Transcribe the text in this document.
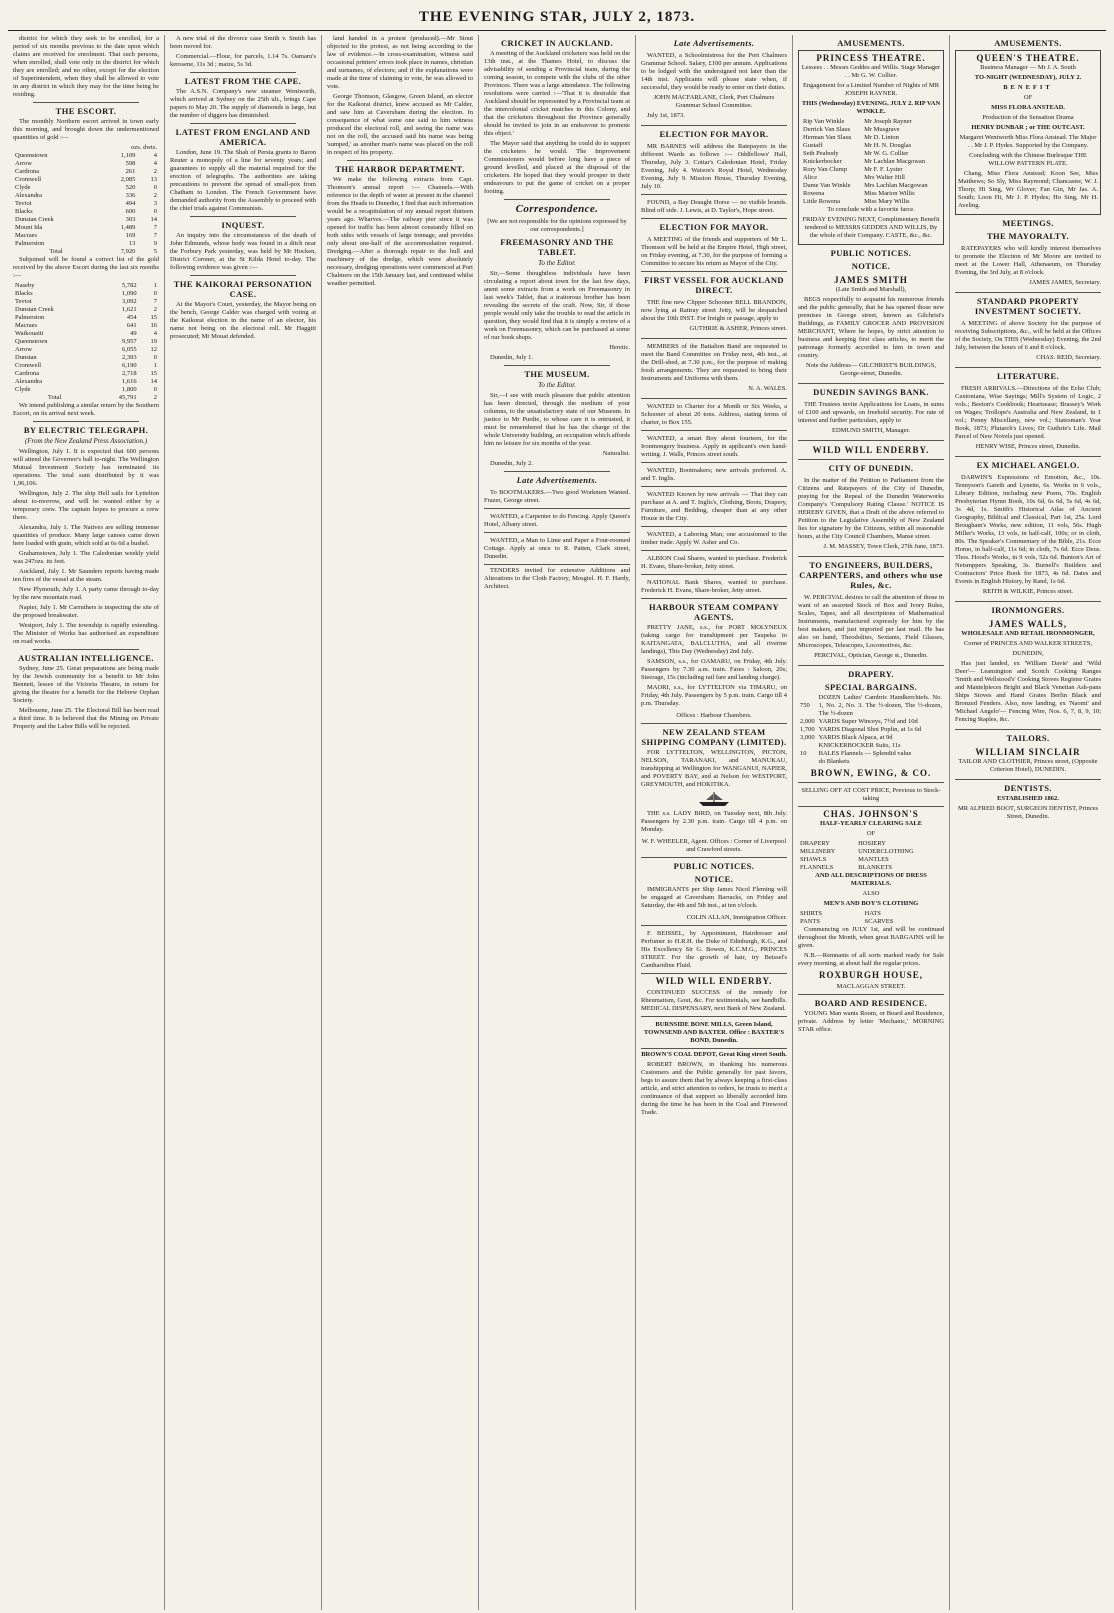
THE EVENING STAR, JULY 2, 1873.

district for which they seek to be enrolled, for a period of six months previous to the date upon which claims are received for enrolment. That such persons, when enrolled, shall vote only in the district for which they are enrolled; and no other, except for the election of Superintendent, when they shall be allowed to vote in any district in which they may for the time being be residing.

THE ESCORT.

The monthly Northern escort arrived in town early this morning, and brought down the undermentioned quantities of gold :—

	ozs. dwts.	
Queenstown	1,109	4
Arrow	598	4
Cardrona	261	2
Cromwell	2,085	13
Clyde	520	0
Alexandra	336	2
Teviot	494	3
Blacks	600	0
Dunstan Creek	303	14
Mount Ida	1,489	7
Macraes	169	7
Palmerston	13	9
Total	7,920	5

Subjoined will be found a correct list of the gold received by the above Escort during the last six months :—

Naseby	5,782	1
Blacks	1,090	0
Teviot	3,092	7
Dunstan Creek	1,621	2
Palmerston	454	15
Macraes	641	16
Waikouaiti	49	4
Queenstown	9,957	19
Arrow	6,055	12
Dunstan	2,393	0
Cromwell	6,190	1
Cardrona	2,718	15
Alexandra	1,616	14
Clyde	1,800	0
Total	45,791	2

We intend publishing a similar return by the Southern Escort, on its arrival next week.

BY ELECTRIC TELEGRAPH.
(From the New Zealand Press Association.)

Wellington, July 1. It is expected that 600 persons will attend the Governor's ball to-night. The Wellington Mutual Investment Society has terminated its operations. The total sum distributed by it was 1,96,106.

Wellington, July 2. The ship Hell sails for Lyttelton about to-morrow, and will be wanted either by a temporary crew. The captain hopes to procure a crew there.

Alexandra, July 1. The Natives are selling immense quantities of produce. Many large canoes came down here loaded with grain, which sold at 6s 6d a bushel.

Grahamstown, July 1. The Caledonian weekly yield was 247ozs. its feet.

Auckland, July 1. Mr Saunders reports having made ten fires of the vessel at the steam.

New Plymouth, July 1. A party came through to-day by the new mountain road.

Napier, July 1. Mr Carruthers is inspecting the site of the proposed breakwater.

Westport, July 1. The township is rapidly extending. The Minister of Works has authorised an expenditure on road works.

AUSTRALIAN INTELLIGENCE.

Sydney, June 25. Great preparations are being made by the Jewish community for a benefit to Mr John Bennett, lessee of the Victoria Theatre, in return for giving the theatre for a benefit for the Hebrew Orphan Society.

Melbourne, June 25. The Electoral Bill has been read a third time. It is believed that the Mining on Private Property and the Labor Bills will be rejected.

A new trial of the divorce case Smith v. Smith has been moved for.

Commercial.—Flour, for parcels, 1.14 7s. Oamaru's kerosene, 11s 3d ; maize, 5s 3d.

LATEST FROM THE CAPE.

The A.S.N. Company's new steamer Wentworth, which arrived at Sydney on the 25th ult., brings Cape papers to May 20. The supply of diamonds is large, but the number of diggers has diminished.

LATEST FROM ENGLAND AND AMERICA.

London, June 19. The Shah of Persia grants to Baron Reuter a monopoly of a line for seventy years; and guarantees to supply all the material required for the erection of telegraphs. The authorities are taking precautions to prevent the spread of small-pox from Chatham to London. The French Government have demanded authority from the Assembly to proceed with the chief trials against Communists.

INQUEST.

An inquiry into the circumstances of the death of John Edmunds, whose body was found in a ditch near the Forbury Park yesterday, was held by Mr Hocken, District Coroner, at the St Kilda Hotel to-day. The following evidence was given :—

THE KAIKORAI PERSONATION CASE.

At the Mayor's Court, yesterday, the Mayor being on the bench, George Calder was charged with voting at the Kaikorai election in the name of an elector, his name not being on the electoral roll. Mr Haggitt prosecuted; Mr Mouat defended.

land handed in a protest (produced).—Mr Stout objected to the protest, as not being according to the law of evidence.—In cross-examination, witness said occasional printers' errors took place in names, christian and surnames, of electors; and if the explanations were made at the time of claiming to vote, he was allowed to vote.

George Thomson, Glasgow, Green Island, an elector for the Kaikorai district, knew accused as Mr Calder, and saw him at Caversham during the election. In consequence of what some one said to him witness produced the electoral roll, and seeing the name was not on the roll, the accused said his name was being 'sumped,' as another man's name was placed on the roll in respect of his property.

THE HARBOR DEPARTMENT.

We make the following extracts from Capt. Thomson's annual report :— Channels.—With reference to the depth of water at present in the channel from the Heads to Dunedin, I find that such information would be a recapitulation of my annual report thirteen years ago. Wharves.—The railway pier since it was opened for traffic has been almost constantly filled on both sides with vessels of large tonnage, and provides only about one-half of the accommodation required. Dredging.—After a thorough repair to the hull and machinery of the dredge, which were absolutely necessary, dredging operations were commenced at Port Chalmers on the 15th January last, and continued whilst weather permitted.

CRICKET IN AUCKLAND.

A meeting of the Auckland cricketers was held on the 13th inst., at the Thames Hotel, to discuss the advisability of sending a Provincial team, during the coming season, to compete with the clubs of the other Provinces. There was a large attendance. The following resolutions were carried :—'That it is desirable that Auckland should be represented by a Provincial team at the intercolonial cricket matches in this Colony, and that the cricketers throughout the Province generally should be invited to join in an endeavour to promote this object.'

The Mayor said that anything he could do to support the cricketers he would. The Improvement Commissioners would before long have a piece of ground levelled, and placed at the disposal of the cricketers. He hoped that they would prosper in their endeavours to put the game of cricket on a proper footing.

Correspondence.

[We are not responsible for the opinions expressed by our correspondents.]

FREEMASONRY AND THE TABLET.
To the Editor.

Sir,—Some thoughtless individuals have been circulating a report about town for the last few days, anent some extracts from a work on Freemasonry in last week's Tablet, that a traitorous brother has been revealing the secrets of the craft. Now, Sir, if those people would only take the trouble to read the article in question, they would find that it is simply a review of a work on Freemasonry, which can be purchased at some of our book shops.

Heretic.

Dunedin, July 1.

THE MUSEUM.
To the Editor.

Sir,—I see with much pleasure that public attention has been directed, through the medium of your columns, to the unsatisfactory state of our Museum. In justice to Mr Purdie, to whose care it is entrusted, it must be remembered that he has the charge of the whole University building, an occupation which affords him no leisure for six months of the year.

Naturalist.

Dunedin, July 2.

Late Advertisements.

To BOOTMAKERS.—Two good Workmen Wanted. Frazer, George street.

WANTED, a Carpenter to do Fencing. Apply Queen's Hotel, Albany street.

WANTED, a Man to Lime and Paper a Four-roomed Cottage. Apply at once to R. Patten, Clark street, Dunedin.

TENDERS invited for extensive Additions and Alterations to the Cloth Factory, Mosgiel. H. F. Hardy, Architect.

Late Advertisements.

WANTED, a Schoolmistress for the Port Chalmers Grammar School. Salary, £100 per annum. Applications to be lodged with the undersigned not later than the 14th inst. Applicants will please state when, if successful, they would be ready to enter on their duties.

JOHN MACFARLANE, Clerk, Port Chalmers Grammar School Committee.

July 1st, 1873.

ELECTION FOR MAYOR.

MR BARNES will address the Ratepayers in the different Wards as follows :— Oddfellows' Hall, Thursday, July 3. Cottar's Caledonian Hotel, Friday Evening, July 4. Watson's Royal Hotel, Wednesday Evening, July 9. Mission House, Thursday Evening, July 10.

FOUND, a Bay Draught Horse — no visible brands. Blind off side. J. Lewis, at D. Taylor's, Hope street.

ELECTION FOR MAYOR.

A MEETING of the friends and supporters of Mr L. Thomson will be held at the Empire Hotel, High street, on Friday evening, at 7.30, for the purpose of forming a Committee to secure his return as Mayor of the City.

FIRST VESSEL FOR AUCKLAND DIRECT.

THE fine new Clipper Schooner BELL BRANDON, now lying at Rattray street Jetty, will be despatched about the 10th INST. For freight or passage, apply to

GUTHRIE & ASHER, Princes street.

MEMBERS of the Battalion Band are requested to meet the Band Committee on Friday next, 4th inst., at the Drill-shed, at 7.30 p.m., for the purpose of making fresh arrangements. They are requested to bring their Instruments and Uniforms with them.

N. A. WALES.

WANTED to Charter for a Month or Six Weeks, a Schooner of about 20 tons. Address, stating terms of charter, to Box 155.

WANTED, a smart Boy about fourteen, for the Ironmongery business. Apply in applicant's own hand-writing. J. Walls, Princes street south.

WANTED, Bootmakers; new arrivals preferred. A. and T. Inglis.

WANTED Known by new arrivals — That they can purchase at A. and T. Inglis's, Clothing, Boots, Drapery, Furniture, and Bedding, cheaper than at any other House in the City.

WANTED, a Laboring Man; one accustomed to the timber trade. Apply W. Asher and Co.

ALBION Coal Shares, wanted to purchase. Frederick H. Evans, Share-broker, Jetty street.

NATIONAL Bank Shares, wanted to purchase. Frederick H. Evans, Share-broker, Jetty street.

HARBOUR STEAM COMPANY AGENTS.

PRETTY JANE, s.s., for PORT MOLYNEUX (taking cargo for transhipment per Taupeka to KAITANGATA, BALCLUTHA, and all riverine landings), This Day (Wednesday) 2nd July.

SAMSON, s.s., for OAMARU, on Friday, 4th July. Passengers by 7.30 a.m. train. Fares : Saloon, 20s; Steerage, 15s (including rail fare and landing charge).

MAORI, s.s., for LYTTELTON via TIMARU, on Friday, 4th July. Passengers by 5 p.m. train. Cargo till 4 p.m. Thursday.

Offices : Harbour Chambers.

NEW ZEALAND STEAM SHIPPING COMPANY (LIMITED).

FOR LYTTELTON, WELLINGTON, PICTON, NELSON, TARANAKI, and MANUKAU, transhipping at Wellington for WANGANUI, NAPIER, and POVERTY BAY, and at Nelson for WESTPORT, GREYMOUTH, and HOKITIKA.

THE s.s. LADY BIRD, on Tuesday next, 8th July. Passengers by 2.30 p.m. train. Cargo till 4 p.m. on Monday.

W. F. WHEELER, Agent. Offices : Corner of Liverpool and Crawford streets.

PUBLIC NOTICES.
NOTICE.

IMMIGRANTS per Ship James Nicol Fleming will be engaged at Caversham Barracks, on Friday and Saturday, the 4th and 5th inst., at ten o'clock.

COLIN ALLAN, Immigration Officer.

F. BEISSEL, by Appointment, Hairdresser and Perfumer to H.R.H. the Duke of Edinburgh, K.G., and His Excellency Sir G. Bowen, K.C.M.G., PRINCES STREET. For the growth of hair, try Beissel's Cantharidine Fluid.

WILD WILL ENDERBY.

CONTINUED SUCCESS of the remedy for Rheumatism, Gout, &c. For testimonials, see handbills. MEDICAL DISPENSARY, next Bank of New Zealand.

BURNSIDE BONE MILLS, Green Island, TOWNSEND AND BAXTER. Office : BAXTER'S BOND, Dunedin.

BROWN'S COAL DEPOT, Great King street South.

ROBERT BROWN, in thanking his numerous Customers and the Public generally for past favors, begs to assure them that by always keeping a first-class article, and strict attention to orders, he trusts to merit a continuance of that support so liberally accorded him during the time he has been in the Coal and Firewood Trade.

AMUSEMENTS.
PRINCESS THEATRE.

Lessees . . Messrs Geddes and Willis. Stage Manager . . Mr G. W. Collier.

Engagement for a Limited Number of Nights of MR JOSEPH RAYNER.

THIS (Wednesday) EVENING, JULY 2. RIP VAN WINKLE.

Rip Van Winkle	Mr Joseph Rayner
Derrick Van Slaus	Mr Musgrave
Herman Van Slaus	Mr D. Linton
Gustaff	Mr H. N. Douglas
Seth Peabody	Mr W. G. Collier
Knickerbocker	Mr Lachlan Macgowan
Rory Van Clump	Mr F. F. Lyster
Alice	Mrs Walter Hill
Dame Van Winkle	Mrs Lachlan Macgowan
Rowena	Miss Marion Willis
Little Rowena	Miss Mary Willis

To conclude with a favorite farce.

FRIDAY EVENING NEXT, Complimentary Benefit tendered to MESSRS GEDDES AND WILLIS, By the whole of their Company. CASTE, &c., &c.

PUBLIC NOTICES.
NOTICE.
JAMES SMITH

(Late Smith and Marshall),

BEGS respectfully to acquaint his numerous friends and the public generally, that he has opened those new premises in George street, known as Gilchrist's Buildings, as FAMILY GROCER AND PROVISION MERCHANT, Where he hopes, by strict attention to business and keeping first class articles, to merit the patronage formerly accorded to him in town and country.

Note the Address— GILCHRIST'S BUILDINGS, George-street, Dunedin.

DUNEDIN SAVINGS BANK.

THE Trustees invite Applications for Loans, in sums of £100 and upwards, on freehold security. For rate of interest and further particulars, apply to

EDMUND SMITH, Manager.

WILD WILL ENDERBY.
CITY OF DUNEDIN.

In the matter of the Petition to Parliament from the Citizens and Ratepayers of the City of Dunedin, praying for the Repeal of the Dunedin Waterworks Company's 'Compulsory Rating Clause.' NOTICE IS HEREBY GIVEN, that a Draft of the above referred to Petition to the Legislative Assembly of New Zealand lies for signature by the Citizens, within all reasonable hours, at the City Council Chambers, Manse street.

J. M. MASSEY, Town Clerk, 27th June, 1873.

TO ENGINEERS, BUILDERS, CARPENTERS, and others who use Rules, &c.

W. PERCIVAL desires to call the attention of those in want of an assorted Stock of Box and Ivory Rules, Scales, Tapes, and all descriptions of Mathematical Instruments, manufactured expressly for him by the best makers, and just imported per last mail. He has also on hand, Theodolites, Sextants, Field Glasses, Microscopes, Telescopes, Locomotives, &c.

PERCIVAL, Optician, George st., Dunedin.

DRAPERY.
SPECIAL BARGAINS.
750	DOZEN Ladies' Cambric Handkerchiefs. No. 1, No. 2, No. 3. The ½-dozen, The ½-dozen, The ½-dozen
2,000	YARDS Super Winceys, 7½d and 10d
1,700	YARDS Diagonal Shot Poplin, at 1s 6d
3,000	YARDS Black Alpaca, at 9d
	KNICKERBOCKER Suits, 11s
10	BALES Flannels — Splendid value
	do Blankets
BROWN, EWING, & CO.

SELLING OFF AT COST PRICE, Previous to Stock-taking

CHAS. JOHNSON'S

HALF-YEARLY CLEARING SALE

OF

DRAPERY	HOSIERY
MILLINERY	UNDERCLOTHING
SHAWLS	MANTLES
FLANNELS	BLANKETS

AND ALL DESCRIPTIONS OF DRESS MATERIALS.

ALSO

MEN'S AND BOY'S CLOTHING

SHIRTS	HATS
PANTS	SCARVES

Commencing on JULY 1st, and will be continued throughout the Month, when great BARGAINS will be given.

N.B.—Remnants of all sorts marked ready for Sale every morning, at about half the regular prices.

ROXBURGH HOUSE,

MACLAGGAN STREET.

BOARD AND RESIDENCE.

YOUNG Man wants Room, or Board and Residence, private. Address by letter 'Mechanic,' MORNING STAR office.

AMUSEMENTS.
QUEEN'S THEATRE.

Business Manager — Mr J. A. South

TO-NIGHT (WEDNESDAY), JULY 2.

BENEFIT

OF

MISS FLORA ANSTEAD.

Production of the Sensation Drama

HENRY DUNBAR ; or THE OUTCAST.

Margaret Wentworth Miss Flora Anstead. The Major . . Mr J. P. Hydes. Supported by the Company.

Concluding with the Chinese Burlesque THE WILLOW PATTERN PLATE.

Chang, Miss Flora Anstead; Koon See, Miss Matthews; So Sly, Miss Raymond; Chancaster, W. J. Thorp; Hi Sing, Wr Glover; Fan Gin, Mr Jas. A. South; Loon Hi, Mr J. P. Hydes; Ho Sing, Mr H. Aveling.

MEETINGS.
THE MAYORALTY.

RATEPAYERS who will kindly interest themselves to promote the Election of Mr Moore are invited to meet at the Lower Hall, Athenaeum, on Thursday Evening, the 3rd July, at 8 o'clock.

JAMES JAMES, Secretary.

STANDARD PROPERTY INVESTMENT SOCIETY.

A MEETING of above Society for the purpose of receiving Subscriptions, &c., will be held at the Offices of the Society, On THIS (Wednesday) Evening, the 2nd July, between the hours of 6 and 8 o'clock.

CHAS. REID, Secretary.

LITERATURE.

FRESH ARRIVALS.—Directions of the Echo Club; Caxtoniana, Wise Sayings; Mill's System of Logic, 2 vols.; Beeton's Cookbook; Heartsease; Brassey's Work on Wages; Trollope's Australia and New Zealand, in 1 vol.; Penny Miscellany, new vol.; Statesman's Year Book, 1873; Plutarch's Lives; Dr Guthrie's Life. Mail Parcel of New Novels just opened.

HENRY WISE, Princes street, Dunedin.

EX MICHAEL ANGELO.

DARWIN'S Expressions of Emotion, &c., 10s. Tennyson's Gareth and Lynette, 6s. Works in 6 vols., Library Edition, including new Poem, 70s. English Presbyterian Hymn Book, 10s 6d, 6s 6d, 5s 6d, 4s 6d, 3s 4d, 1s. Smith's Historical Atlas of Ancient Geography, Biblical and Classical, Part 1st, 25s. Lord Brougham's Works, new edition, 11 vols, 56s. Hugh Miller's Works, 13 vols, in half-calf, 100s; or in cloth, 80s. The Speaker's Commentary of the Bible, 21s. Ecce Homo, in half-calf, 11s 6d; in cloth, 7s 6d. Ecce Deus. Thos. Hood's Works, in 9 vols, 52s 6d. Bunton's Art of Netsmppers Speaking, 3s. Burnell's Builders and Contractors' Price Book for 1873, 4s 6d. Dates and Events in English History, by Rand, 1s 6d.

REITH & WILKIE, Princes street.

IRONMONGERS.
JAMES WALLS,

WHOLESALE AND RETAIL IRONMONGER,

Corner of PRINCES AND WALKER STREETS,

DUNEDIN,

Has just landed, ex 'William Davie' and 'Wild Deer'— Leamington and Scotch Cooking Ranges 'Smith and Wellstood's' Cooking Stoves Register Grates and Mantelpieces Bright and Black Venetian Ash-pans Ships Stoves and Hand Grates Berlin Black and Bronzed Fenders. Also, now landing, ex 'Naomi' and 'Michael Angelo'— Fencing Wire, Nos. 6, 7, 8, 9, 10; Fencing Staples, &c.

TAILORS.
WILLIAM SINCLAIR

TAILOR AND CLOTHIER, Princes street, (Opposite Criterion Hotel), DUNEDIN.

DENTISTS.

ESTABLISHED 1862.

MR ALFRED BOOT, SURGEON DENTIST, Princes Street, Dunedin.
